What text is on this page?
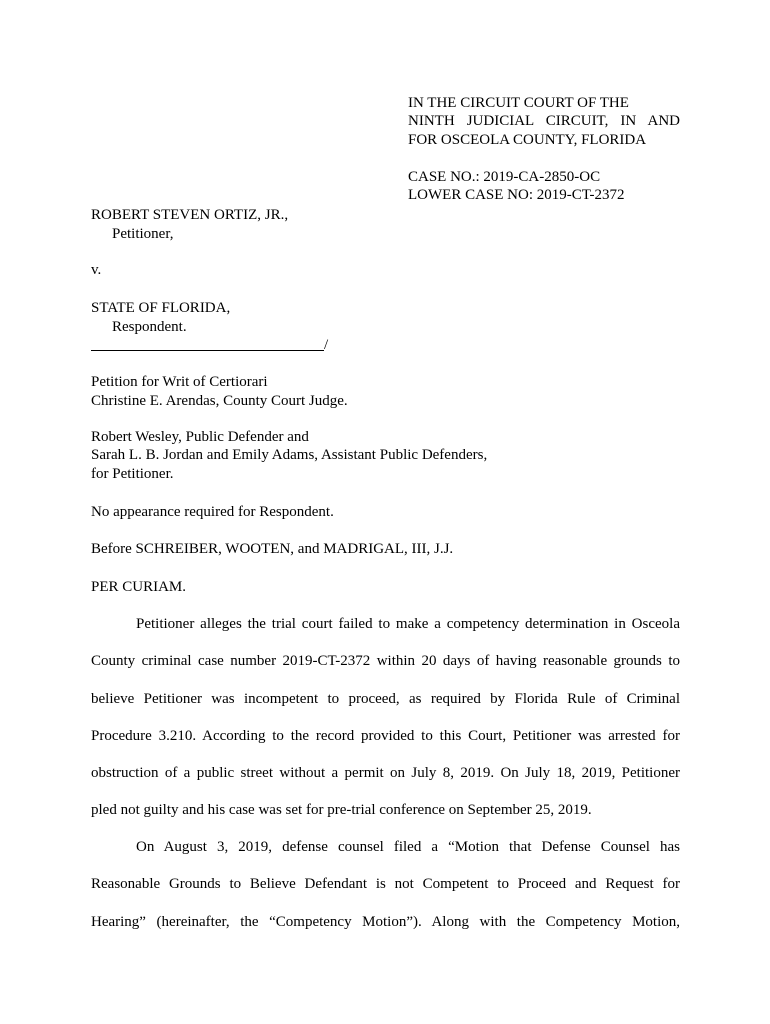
IN THE CIRCUIT COURT OF THE
NINTH JUDICIAL CIRCUIT, IN AND
FOR OSCEOLA COUNTY, FLORIDA
CASE NO.: 2019-CA-2850-OC
LOWER CASE NO: 2019-CT-2372
ROBERT STEVEN ORTIZ, JR.,
Petitioner,
v.
STATE OF FLORIDA,
Respondent.
/
Petition for Writ of Certiorari
Christine E. Arendas, County Court Judge.
Robert Wesley, Public Defender and
Sarah L. B. Jordan and Emily Adams, Assistant Public Defenders,
for Petitioner.
No appearance required for Respondent.
Before SCHREIBER, WOOTEN, and MADRIGAL, III, J.J.
PER CURIAM.
Petitioner alleges the trial court failed to make a competency determination in Osceola
County criminal case number 2019-CT-2372 within 20 days of having reasonable grounds to
believe Petitioner was incompetent to proceed, as required by Florida Rule of Criminal
Procedure 3.210. According to the record provided to this Court, Petitioner was arrested for
obstruction of a public street without a permit on July 8, 2019. On July 18, 2019, Petitioner
pled not guilty and his case was set for pre-trial conference on September 25, 2019.
On August 3, 2019, defense counsel filed a “Motion that Defense Counsel has
Reasonable Grounds to Believe Defendant is not Competent to Proceed and Request for
Hearing” (hereinafter, the “Competency Motion”). Along with the Competency Motion,
